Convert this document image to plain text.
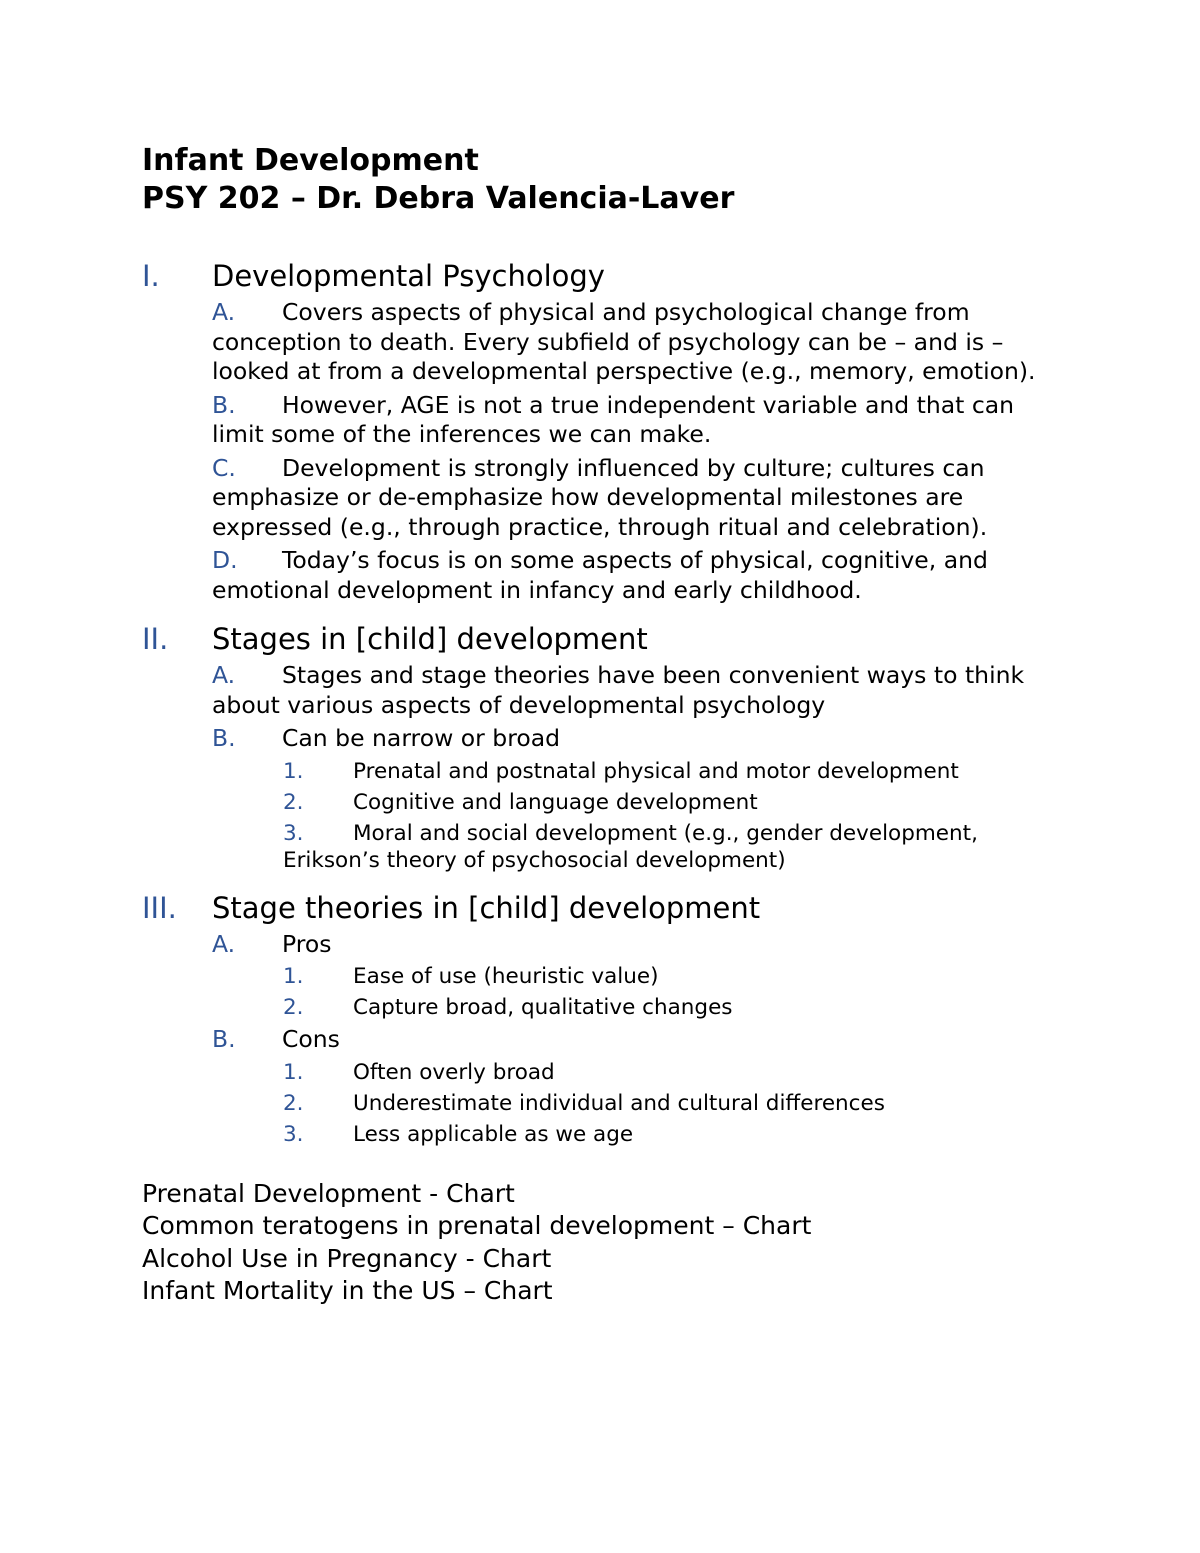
Infant Development
PSY 202 – Dr. Debra Valencia-Laver
I. Developmental Psychology
A. Covers aspects of physical and psychological change from conception to death. Every subfield of psychology can be – and is – looked at from a developmental perspective (e.g., memory, emotion).
B. However, AGE is not a true independent variable and that can limit some of the inferences we can make.
C. Development is strongly influenced by culture; cultures can emphasize or de-emphasize how developmental milestones are expressed (e.g., through practice, through ritual and celebration).
D. Today’s focus is on some aspects of physical, cognitive, and emotional development in infancy and early childhood.
II. Stages in [child] development
A. Stages and stage theories have been convenient ways to think about various aspects of developmental psychology
B. Can be narrow or broad
1. Prenatal and postnatal physical and motor development
2. Cognitive and language development
3. Moral and social development (e.g., gender development, Erikson’s theory of psychosocial development)
III. Stage theories in [child] development
A. Pros
1. Ease of use (heuristic value)
2. Capture broad, qualitative changes
B. Cons
1. Often overly broad
2. Underestimate individual and cultural differences
3. Less applicable as we age
Prenatal Development - Chart
Common teratogens in prenatal development – Chart
Alcohol Use in Pregnancy - Chart
Infant Mortality in the US – Chart
